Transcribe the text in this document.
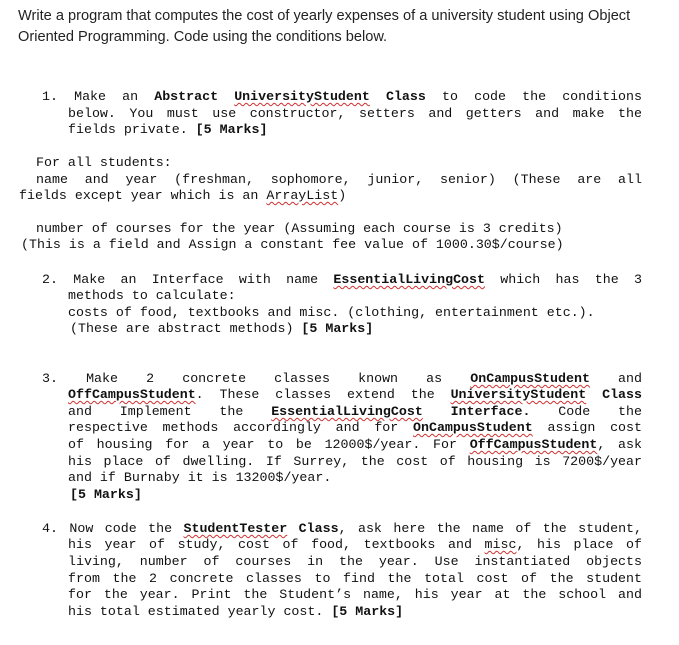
Write a program that computes the cost of yearly expenses of a university student using Object
Oriented Programming. Code using the conditions below.
1. Make an Abstract UniversityStudent Class to code the conditions
below. You must use constructor, setters and getters and make the
fields private. [5 Marks]
For all students:
name and year (freshman, sophomore, junior, senior) (These are all
fields except year which is an ArrayList)
number of courses for the year (Assuming each course is 3 credits)
(This is a field and Assign a constant fee value of 1000.30$/course)
2. Make an Interface with name EssentialLivingCost which has the 3
methods to calculate:
costs of food, textbooks and misc. (clothing, entertainment etc.).
(These are abstract methods) [5 Marks]
3. Make 2 concrete classes known as OnCampusStudent and
OffCampusStudent. These classes extend the UniversityStudent Class
and Implement the EssentialLivingCost Interface. Code the
respective methods accordingly and for OnCampusStudent assign cost
of housing for a year to be 12000$/year. For OffCampusStudent, ask
his place of dwelling. If Surrey, the cost of housing is 7200$/year
and if Burnaby it is 13200$/year.
[5 Marks]
4. Now code the StudentTester Class, ask here the name of the student,
his year of study, cost of food, textbooks and misc, his place of
living, number of courses in the year. Use instantiated objects
from the 2 concrete classes to find the total cost of the student
for the year. Print the Student’s name, his year at the school and
his total estimated yearly cost. [5 Marks]
